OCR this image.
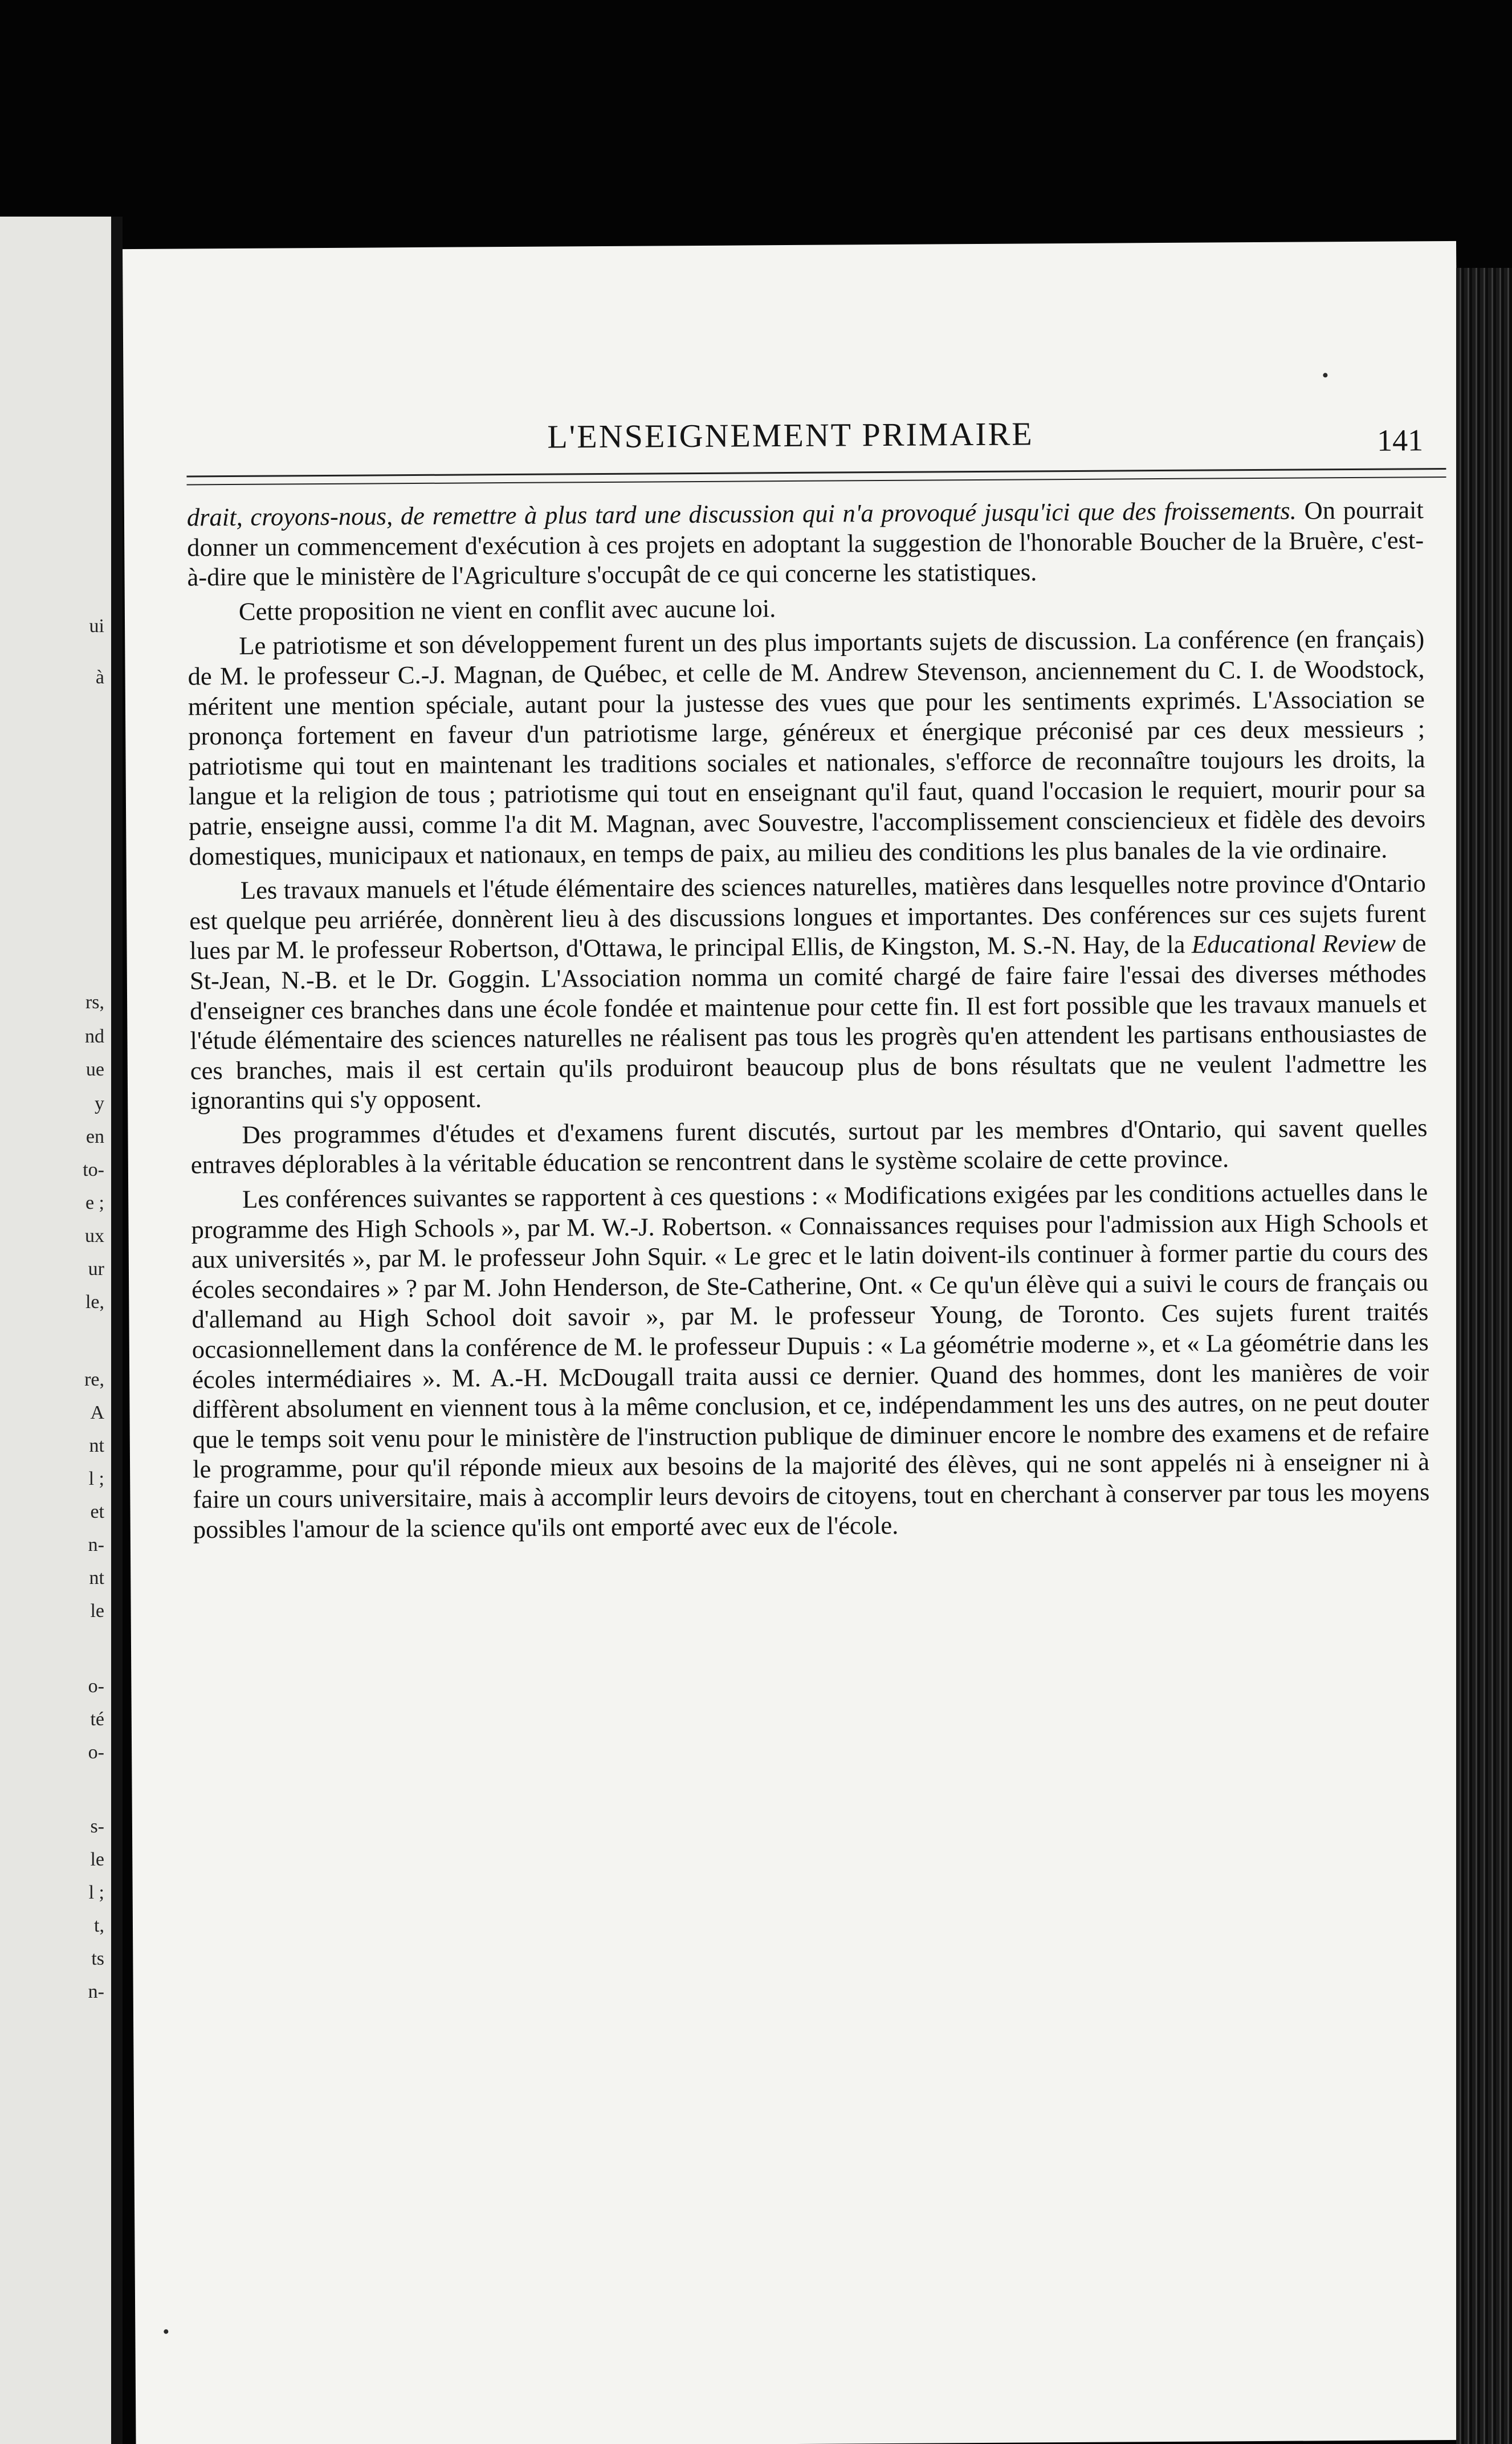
ui
à
rs,
nd
ue
y
en
to-
e ;
ux
ur
le,
re,
A
nt
l ;
et
n-
nt
le
o-
té
o-
s-
le
l ;
t,
ts
n-
L'ENSEIGNEMENT PRIMAIRE	141

drait, croyons-nous, de remettre à plus tard une discussion qui n'a provoqué jusqu'ici que des froissements. On pourrait donner un commencement d'exécution à ces projets en adoptant la suggestion de l'honorable Boucher de la Bruère, c'est-à-dire que le ministère de l'Agriculture s'occupât de ce qui concerne les statistiques.

Cette proposition ne vient en conflit avec aucune loi.

Le patriotisme et son développement furent un des plus importants sujets de discussion. La conférence (en français) de M. le professeur C.-J. Magnan, de Québec, et celle de M. Andrew Stevenson, anciennement du C. I. de Woodstock, méritent une mention spéciale, autant pour la justesse des vues que pour les sentiments exprimés. L'Association se prononça fortement en faveur d'un patriotisme large, généreux et énergique préconisé par ces deux messieurs ; patriotisme qui tout en maintenant les traditions sociales et nationales, s'efforce de reconnaître toujours les droits, la langue et la religion de tous ; patriotisme qui tout en enseignant qu'il faut, quand l'occasion le requiert, mourir pour sa patrie, enseigne aussi, comme l'a dit M. Magnan, avec Souvestre, l'accomplissement consciencieux et fidèle des devoirs domestiques, municipaux et nationaux, en temps de paix, au milieu des conditions les plus banales de la vie ordinaire.

Les travaux manuels et l'étude élémentaire des sciences naturelles, matières dans lesquelles notre province d'Ontario est quelque peu arriérée, donnèrent lieu à des discussions longues et importantes. Des conférences sur ces sujets furent lues par M. le professeur Robertson, d'Ottawa, le principal Ellis, de Kingston, M. S.-N. Hay, de la Educational Review de St-Jean, N.-B. et le Dr. Goggin. L'Association nomma un comité chargé de faire faire l'essai des diverses méthodes d'enseigner ces branches dans une école fondée et maintenue pour cette fin. Il est fort possible que les travaux manuels et l'étude élémentaire des sciences naturelles ne réalisent pas tous les progrès qu'en attendent les partisans enthousiastes de ces branches, mais il est certain qu'ils produiront beaucoup plus de bons résultats que ne veulent l'admettre les ignorantins qui s'y opposent.

Des programmes d'études et d'examens furent discutés, surtout par les membres d'Ontario, qui savent quelles entraves déplorables à la véritable éducation se rencontrent dans le système scolaire de cette province.

Les conférences suivantes se rapportent à ces questions : « Modifications exigées par les conditions actuelles dans le programme des High Schools », par M. W.-J. Robertson. « Connaissances requises pour l'admission aux High Schools et aux universités », par M. le professeur John Squir. « Le grec et le latin doivent-ils continuer à former partie du cours des écoles secondaires » ? par M. John Henderson, de Ste-Catherine, Ont. « Ce qu'un élève qui a suivi le cours de français ou d'allemand au High School doit savoir », par M. le professeur Young, de Toronto. Ces sujets furent traités occasionnellement dans la conférence de M. le professeur Dupuis : « La géométrie moderne », et « La géométrie dans les écoles intermédiaires ». M. A.-H. McDougall traita aussi ce dernier. Quand des hommes, dont les manières de voir diffèrent absolument en viennent tous à la même conclusion, et ce, indépendamment les uns des autres, on ne peut douter que le temps soit venu pour le ministère de l'instruction publique de diminuer encore le nombre des examens et de refaire le programme, pour qu'il réponde mieux aux besoins de la majorité des élèves, qui ne sont appelés ni à enseigner ni à faire un cours universitaire, mais à accomplir leurs devoirs de citoyens, tout en cherchant à conserver par tous les moyens possibles l'amour de la science qu'ils ont emporté avec eux de l'école.
